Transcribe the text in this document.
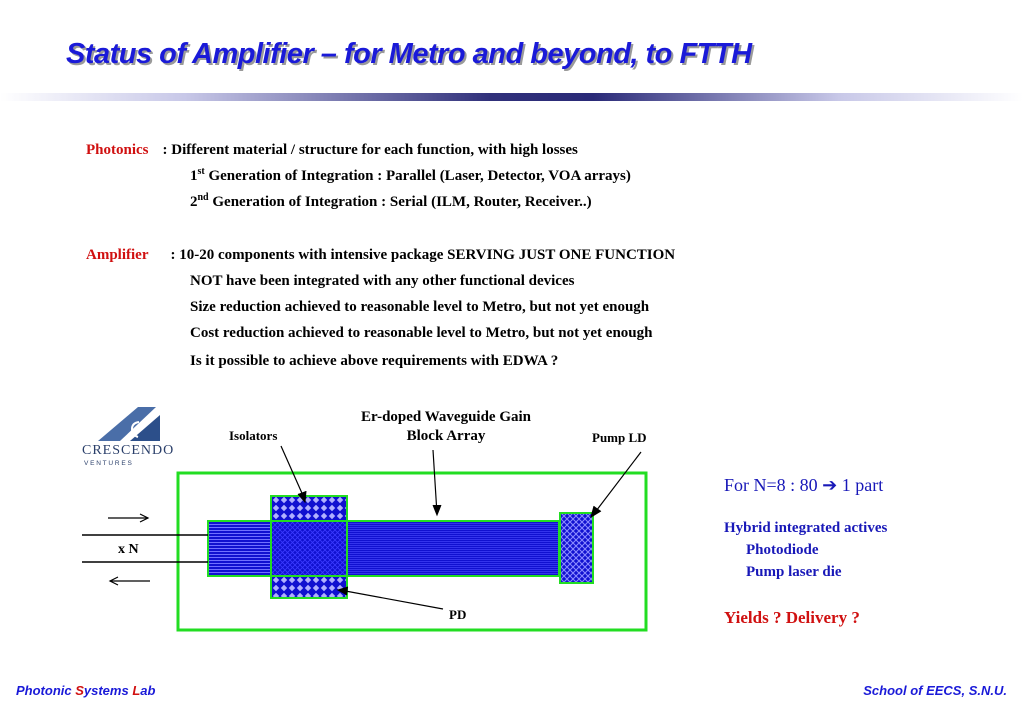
Status of Amplifier – for Metro and beyond, to FTTH
Photonics : Different material / structure for each function, with high losses
1st Generation of Integration : Parallel (Laser, Detector, VOA arrays)
2nd Generation of Integration : Serial (ILM, Router, Receiver..)
Amplifier : 10-20 components with intensive package SERVING JUST ONE FUNCTION
NOT have been integrated with any other functional devices
Size reduction achieved to reasonable level to Metro, but not yet enough
Cost reduction achieved to reasonable level to Metro, but not yet enough
Is it possible to achieve above requirements with EDWA ?
CRESCENDO
V E N T U R E S
Isolators
Er-doped Waveguide Gain
Block Array	Pump LD
PD
x N
For N=8 : 80 ➔ 1 part
Hybrid integrated actives
Photodiode
Pump laser die
Yields ? Delivery ?
Photonic Systems Lab	School of EECS, S.N.U.
